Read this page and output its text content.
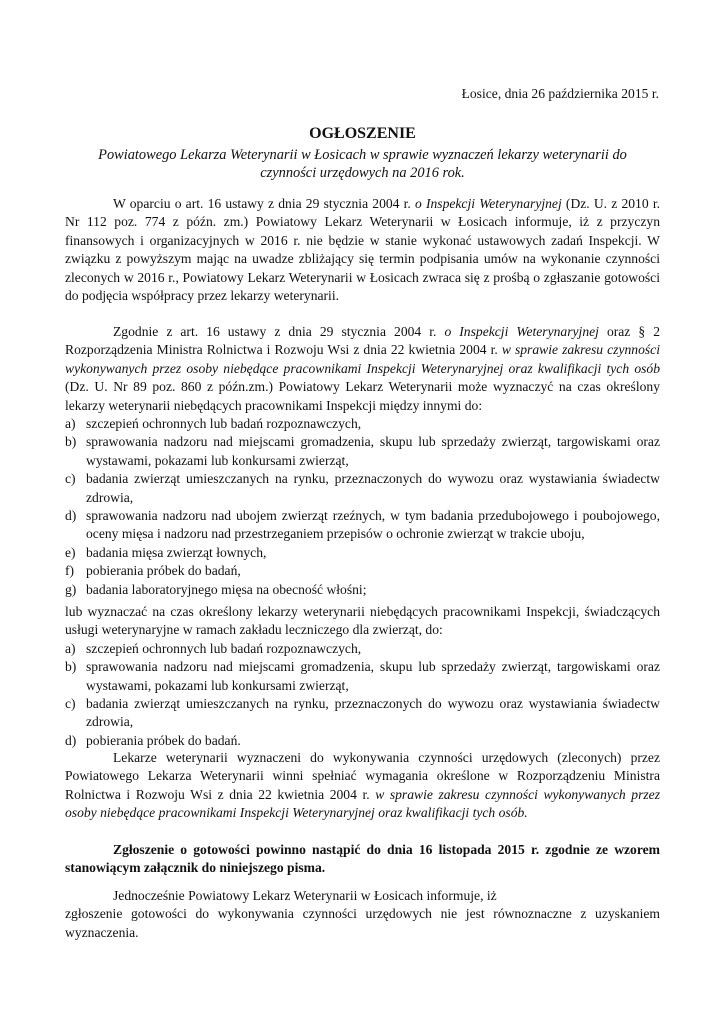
Łosice, dnia 26 października 2015 r.
OGŁOSZENIE
Powiatowego Lekarza Weterynarii w Łosicach w sprawie wyznaczeń lekarzy weterynarii do czynności urzędowych na 2016 rok.

W oparciu o art. 16 ustawy z dnia 29 stycznia 2004 r. o Inspekcji Weterynaryjnej (Dz. U. z 2010 r. Nr 112 poz. 774 z późn. zm.) Powiatowy Lekarz Weterynarii w Łosicach informuje, iż z przyczyn finansowych i organizacyjnych w 2016 r. nie będzie w stanie wykonać ustawowych zadań Inspekcji. W związku z powyższym mając na uwadze zbliżający się termin podpisania umów na wykonanie czynności zleconych w 2016 r., Powiatowy Lekarz Weterynarii w Łosicach zwraca się z prośbą o zgłaszanie gotowości do podjęcia współpracy przez lekarzy weterynarii.

Zgodnie z art. 16 ustawy z dnia 29 stycznia 2004 r. o Inspekcji Weterynaryjnej oraz § 2 Rozporządzenia Ministra Rolnictwa i Rozwoju Wsi z dnia 22 kwietnia 2004 r. w sprawie zakresu czynności wykonywanych przez osoby niebędące pracownikami Inspekcji Weterynaryjnej oraz kwalifikacji tych osób (Dz. U. Nr 89 poz. 860 z późn.zm.) Powiatowy Lekarz Weterynarii może wyznaczyć na czas określony lekarzy weterynarii niebędących pracownikami Inspekcji między innymi do:

a) szczepień ochronnych lub badań rozpoznawczych,
b) sprawowania nadzoru nad miejscami gromadzenia, skupu lub sprzedaży zwierząt, targowiskami oraz wystawami, pokazami lub konkursami zwierząt,
c) badania zwierząt umieszczanych na rynku, przeznaczonych do wywozu oraz wystawiania świadectw zdrowia,
d) sprawowania nadzoru nad ubojem zwierząt rzeźnych, w tym badania przedubojowego i poubojowego, oceny mięsa i nadzoru nad przestrzeganiem przepisów o ochronie zwierząt w trakcie uboju,
e) badania mięsa zwierząt łownych,
f) pobierania próbek do badań,
g) badania laboratoryjnego mięsa na obecność włośni;

lub wyznaczać na czas określony lekarzy weterynarii niebędących pracownikami Inspekcji, świadczących usługi weterynaryjne w ramach zakładu leczniczego dla zwierząt, do:

a) szczepień ochronnych lub badań rozpoznawczych,
b) sprawowania nadzoru nad miejscami gromadzenia, skupu lub sprzedaży zwierząt, targowiskami oraz wystawami, pokazami lub konkursami zwierząt,
c) badania zwierząt umieszczanych na rynku, przeznaczonych do wywozu oraz wystawiania świadectw zdrowia,
d) pobierania próbek do badań.

Lekarze weterynarii wyznaczeni do wykonywania czynności urzędowych (zleconych) przez Powiatowego Lekarza Weterynarii winni spełniać wymagania określone w Rozporządzeniu Ministra Rolnictwa i Rozwoju Wsi z dnia 22 kwietnia 2004 r. w sprawie zakresu czynności wykonywanych przez osoby niebędące pracownikami Inspekcji Weterynaryjnej oraz kwalifikacji tych osób.

Zgłoszenie o gotowości powinno nastąpić do dnia 16 listopada 2015 r. zgodnie ze wzorem stanowiącym załącznik do niniejszego pisma.

Jednocześnie Powiatowy Lekarz Weterynarii w Łosicach informuje, iż

zgłoszenie gotowości do wykonywania czynności urzędowych nie jest równoznaczne z uzyskaniem wyznaczenia.
